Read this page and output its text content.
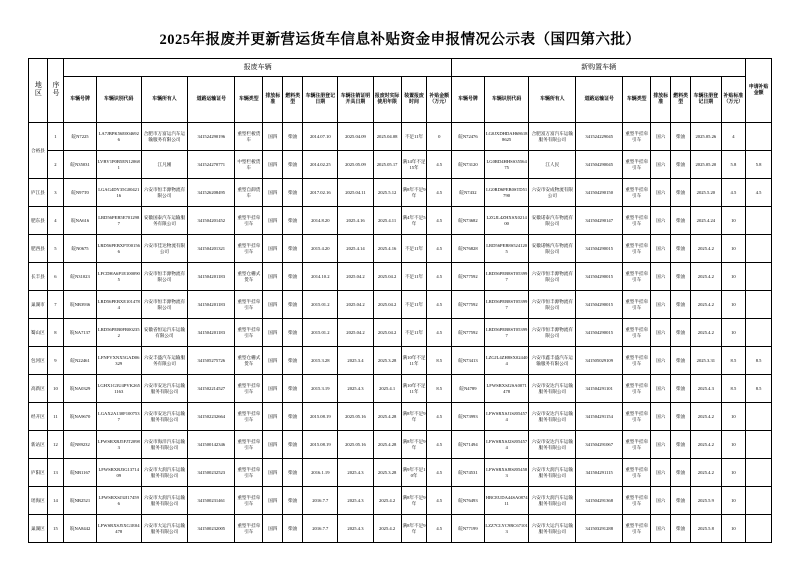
2025年报废并更新营运货车信息补贴资金申报情况公示表（国四第六批）
地区	序号	报废车辆												新购置车辆									申请补贴金额
		车辆号牌	车辆识别代码	车辆所有人	道路运输证号	车辆类型	排放标准	燃料类型	车辆注册登记日期	车辆注销证明开具日期	报废时实际使用年限	装置报废时间	补贴金额（万元）	车辆号牌	车辆识别代码	车辆所有人	道路运输证号	车辆类型	排放标准	燃料类型	车辆注册登记日期	补贴标准（万元）	
合裕县	1	皖N7225	LA7JBPK56E0046926	合肥市万富运汽车运输服务有限公司	341524290196	重型栏板货车	国四	柴油	2014.07.10	2025.04.09	2025.04.08	不足11年	0	皖N72476	LG0JXDHDAH686188625	合肥富万富汽车运输服务有限公司	341524229045	重型半挂牵引车	国六	柴油	2025.05.26	4	
	2	皖N35031	LVBV1P0B5EN120681	江凡刚	341524270771	中型栏板货车	国四	柴油	2014.02.25	2025.05.09	2025.05.17	满14年不足15年	4.5	皖N73120	LG0RD4HHSS3556475	江人民	341504290045	重型半挂牵引车	国六	柴油	2025.05.20	5.8	5.8
庐江县	3	皖N97T0	LGAG4DY35G0042116	六安市恒丰源物流有限公司	341526208495	重型自卸货车	国四	柴油	2017.02.16	2025.04.11	2025.5.12	满8年不足9年	4.5	皖N7432	LG0RD6PEB0STD51790	六安市安成物流有限公司	341504290150	重型半挂牵引车	国六	柴油	2025.5.20	4.5	4.5
肥东县	4	皖NA616	LRD56PEB5E7012987	安徽国泰汽车运输服务有限公司	341504201452	重型半挂牵引车	国四	柴油	2014.8.20	2025.4.16	2025.4.11	满4年不足5年	4.5	皖N73682	LZGJL4ZHXSX021400	安徽诺泰汽车物流有限公司	341504290147	重型半挂牵引车	国六	柴油	2025.4.24	10	
肥西县	5	皖N0675	LRD56PEBXFT001566	六安市佳达物流有限公司	341504201321	重型半挂牵引车	国四	柴油	2015.4.20	2025.4.14	2025.4.16	不足11年	4.5	皖N76828	LRD56PEB8S5241205	安徽诺畅汽车物流有限公司	341504290015	重型半挂牵引车	国六	柴油	2025.4.2	10	
长丰县	6	皖N31023	LFCDHA6P1E1000905	六安市恒丰源物流有限公司	341504201183	重型仓栅式货车	国四	柴油	2014.10.2	2025.04.2	2025.04.2	不足11年	4.5	皖N77592	LRD56PEB8ST053997	六安市恒丰源物流有限公司	341504290015	重型半挂牵引车	国六	柴油	2025.4.2	10	
巢湖市	7	皖NB3936	LRD56PEBXE1014784	六安市恒丰源物流有限公司	341504201183	重型半挂牵引车	国四	柴油	2015.01.2	2025.04.2	2025.04.2	不足11年	4.5	皖N77592	LRD56PEB8ST053997	六安市恒丰源物流有限公司	341504290015	重型半挂牵引车	国六	柴油	2025.4.2	10	
蜀山区	8	皖NA7137	LRD56PEB0FR002352	安徽省恒运汽车运输有限公司	341504201183	重型半挂牵引车	国四	柴油	2015.01.2	2025.04.2	2025.04.2	不足11年	4.5	皖N77592	LRD56PEB8ST053997	六安市恒丰源物流有限公司	341504290015	重型半挂牵引车	国六	柴油	2025.4.2	10	
包河区	9	皖N22461	LFNFVXNX5GAD06329	六安丰盛汽车运输服务有限公司	341505275726	重型仓栅式货车	国四	柴油	2015.3.28	2025.3.4	2025.3.28	满10年不足11年	8.5	皖N73413	LZGJL4ZH8SX024404	六安市鑫丰盛汽车运输服务有限公司	341505029109	重型半挂牵引车	国六	柴油	2025.3.31	8.5	8.5
高新区	10	皖NA0329	LGHX1G3U4PVK2651163	六安市安达汽车运输服务有限公司	341502214527	重型半挂牵引车	国四	柴油	2015.3.19	2025.4.3	2025.4.1	满10年不足11年	8.5	皖N4789	LFWSRXSJ2SA0071478	六安市安达汽车运输服务有限公司	341504291101	重型半挂牵引车	国六	柴油	2025.4.3	8.5	8.5
经开区	11	皖NA9670	LGAX2A130F1007537	六安市安达汽车运输服务有限公司	341502232664	重型半挂牵引车	国四	柴油	2015.08.19	2025.05.16	2025.4.28	满8年不足9年	4.5	皖N73993	LFWSRXSJ1SJ054574	六安市安达汽车运输服务有限公司	341504291154	重型半挂牵引车	国六	柴油	2025.4.2	10	
新站区	12	皖N89232	LFWSRXRJ5FJT20983	六安市海洋汽车运输服务有限公司	341500142346	重型半挂牵引车	国四	柴油	2015.08.19	2025.05.16	2025.4.28	满8年不足9年	4.5	皖N71494	LFWSRXSJ2SJ054574	六安市安达汽车运输服务有限公司	341504291067	重型半挂牵引车	国六	柴油	2025.4.2	10	
庐阳区	13	皖NB1167	LFWSRXRJ3G1371409	六安市大润汽车运输服务有限公司	341500232523	重型半挂牵引车	国四	柴油	2016.1.19	2025.4.3	2025.3.28	满9年不足10年	4.5	皖N74531	LFWSRXSJ8SJ054583	六安市大润汽车运输服务有限公司	341504291115	重型半挂牵引车	国六	柴油	2025.4.2	10	
瑶海区	14	皖NB2521	LFWSRXSJ3JJ174596	六安市大润汽车运输服务有限公司	341500231461	重型半挂牵引车	国四	柴油	2016.7.7	2025.4.3	2025.4.2	满8年不足9年	4.5	皖N76493	HBCEUDA44SA087411	六安市大润汽车运输服务有限公司	341504291368	重型半挂牵引车	国六	柴油	2025.5.9	10	
巢湖区	15	皖NA8442	LFWSRXSJ5XG1E04478	六安市大运汽车运输服务有限公司	341500232005	重型半挂牵引车	国四	柴油	2016.7.7	2025.4.3	2025.4.2	满8年不足9年	4.5	皖N77199	LZZ7CLYC9RC671013	六安市大运汽车运输服务有限公司	341503291288	重型半挂牵引车	国六	柴油	2025.5.8	10	
